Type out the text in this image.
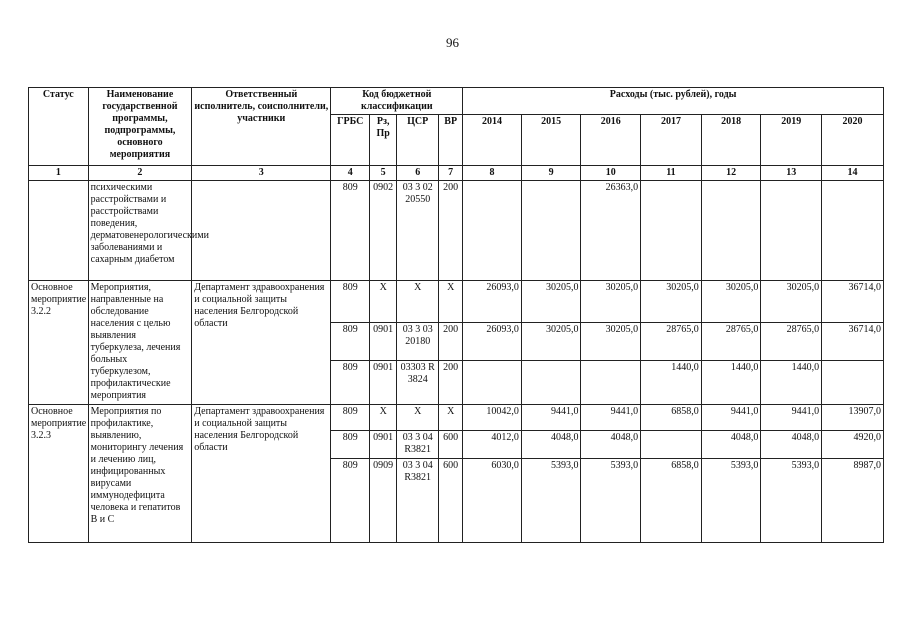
96
Статус	Наименование государственной программы, подпрограммы, основного мероприятия	Ответственный исполнитель, соисполнители, участники	Код бюджетной классификации				Расходы (тыс. рублей), годы						
			ГРБС	Рз, Пр	ЦСР	ВР	2014	2015	2016	2017	2018	2019	2020
1	2	3	4	5	6	7	8	9	10	11	12	13	14
	психическими расстройствами и расстройствами поведения, дерматовенерологическими заболеваниями и сахарным диабетом		809	0902	03 3 02 20550	200			26363,0				
Основное мероприятие 3.2.2	Мероприятия, направленные на обследование населения с целью выявления туберкулеза, лечения больных туберкулезом, профилактические мероприятия	Департамент здравоохранения и социальной защиты населения Белгородской области	809	Х	Х	Х	26093,0	30205,0	30205,0	30205,0	30205,0	30205,0	36714,0
			809	0901	03 3 03 20180	200	26093,0	30205,0	30205,0	28765,0	28765,0	28765,0	36714,0
			809	0901	03303 R 3824	200				1440,0	1440,0	1440,0	
Основное мероприятие 3.2.3	Мероприятия по профилактике, выявлению, мониторингу лечения и лечению лиц, инфицированных вирусами иммунодефицита человека и гепатитов В и С	Департамент здравоохранения и социальной защиты населения Белгородской области	809	Х	Х	Х	10042,0	9441,0	9441,0	6858,0	9441,0	9441,0	13907,0
			809	0901	03 3 04 R3821	600	4012,0	4048,0	4048,0		4048,0	4048,0	4920,0
			809	0909	03 3 04 R3821	600	6030,0	5393,0	5393,0	6858,0	5393,0	5393,0	8987,0
